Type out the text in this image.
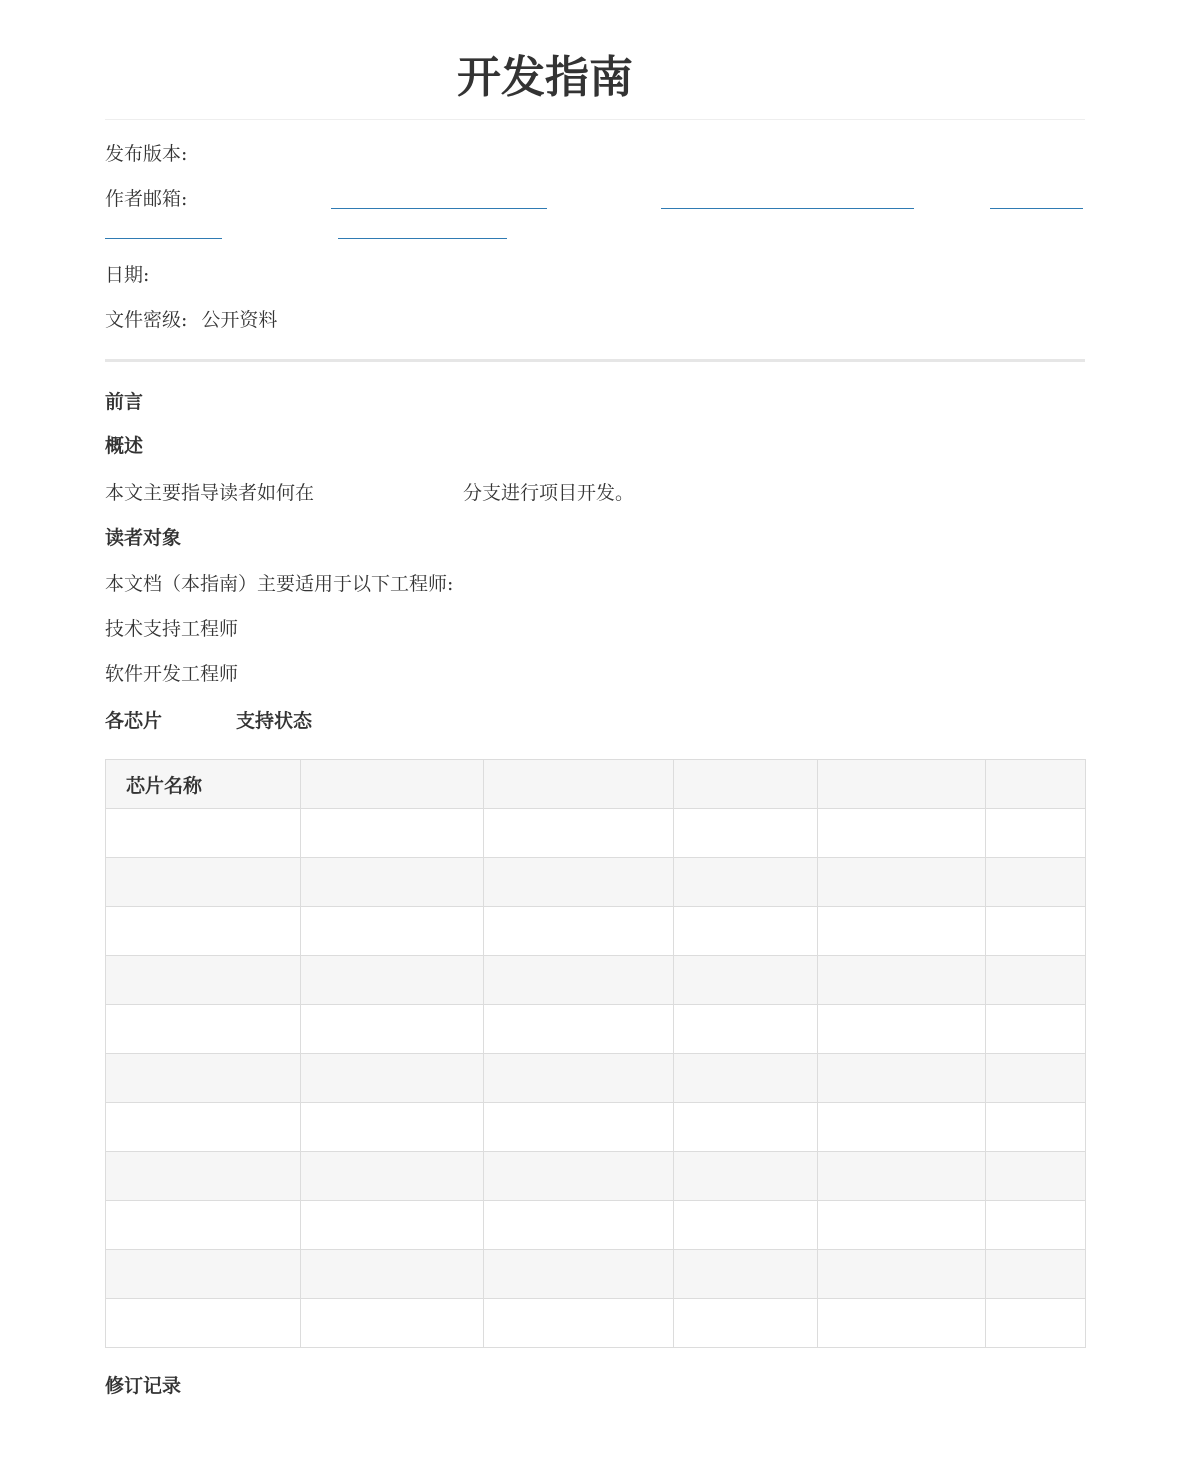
开发指南
发布版本:
作者邮箱:
日期:
文件密级: 公开资料
前言
概述
本文主要指导读者如何在	分支进行项目开发。
读者对象
本文档（本指南）主要适用于以下工程师:
技术支持工程师
软件开发工程师
各芯片	支持状态
芯片名称					

修订记录
